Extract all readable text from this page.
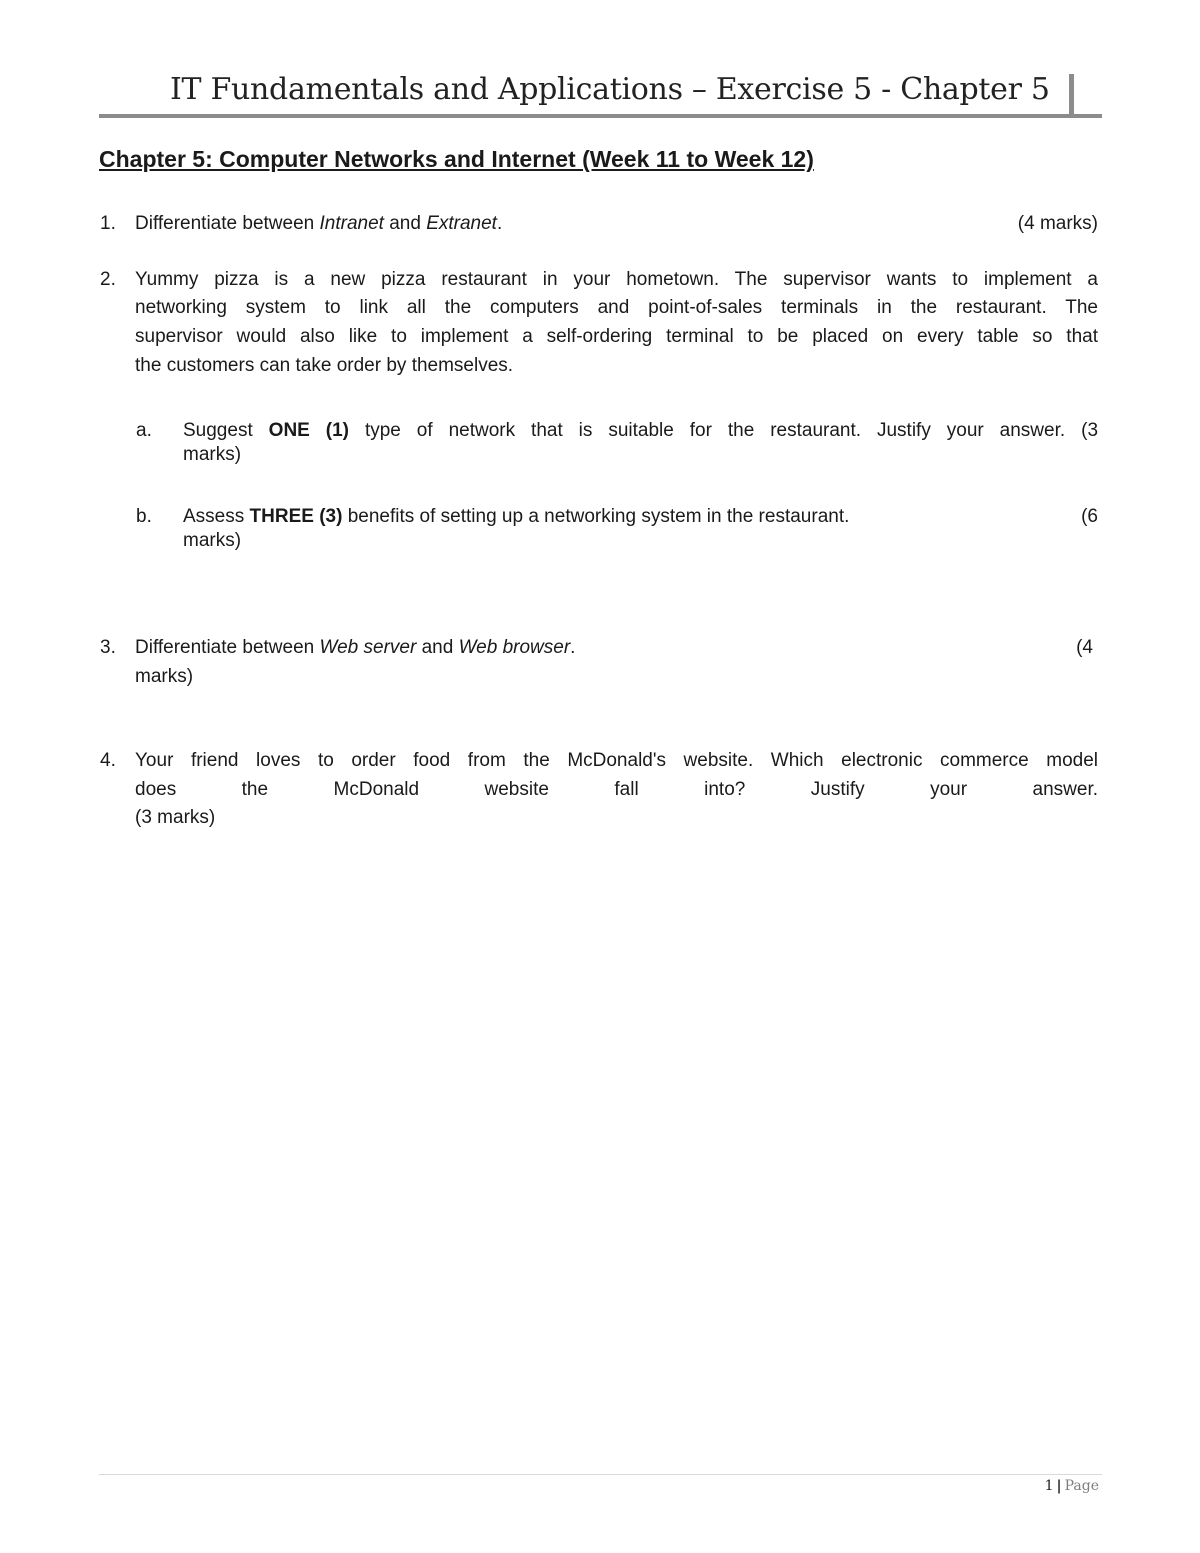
IT Fundamentals and Applications – Exercise 5 - Chapter 5
Chapter 5: Computer Networks and Internet (Week 11 to Week 12)
1. Differentiate between Intranet and Extranet.	(4 marks)
2. Yummy pizza is a new pizza restaurant in your hometown. The supervisor wants to implement a
networking system to link all the computers and point-of-sales terminals in the restaurant. The
supervisor would also like to implement a self-ordering terminal to be placed on every table so that
the customers can take order by themselves.
a. Suggest ONE (1) type of network that is suitable for the restaurant. Justify your answer. (3
marks)
b. Assess THREE (3) benefits of setting up a networking system in the restaurant.	(6
marks)
3. Differentiate between Web server and Web browser.	(4
marks)
4. Your friend loves to order food from the McDonald's website. Which electronic commerce model
does the McDonald website fall into? Justify your answer.
(3 marks)
1 | Page
